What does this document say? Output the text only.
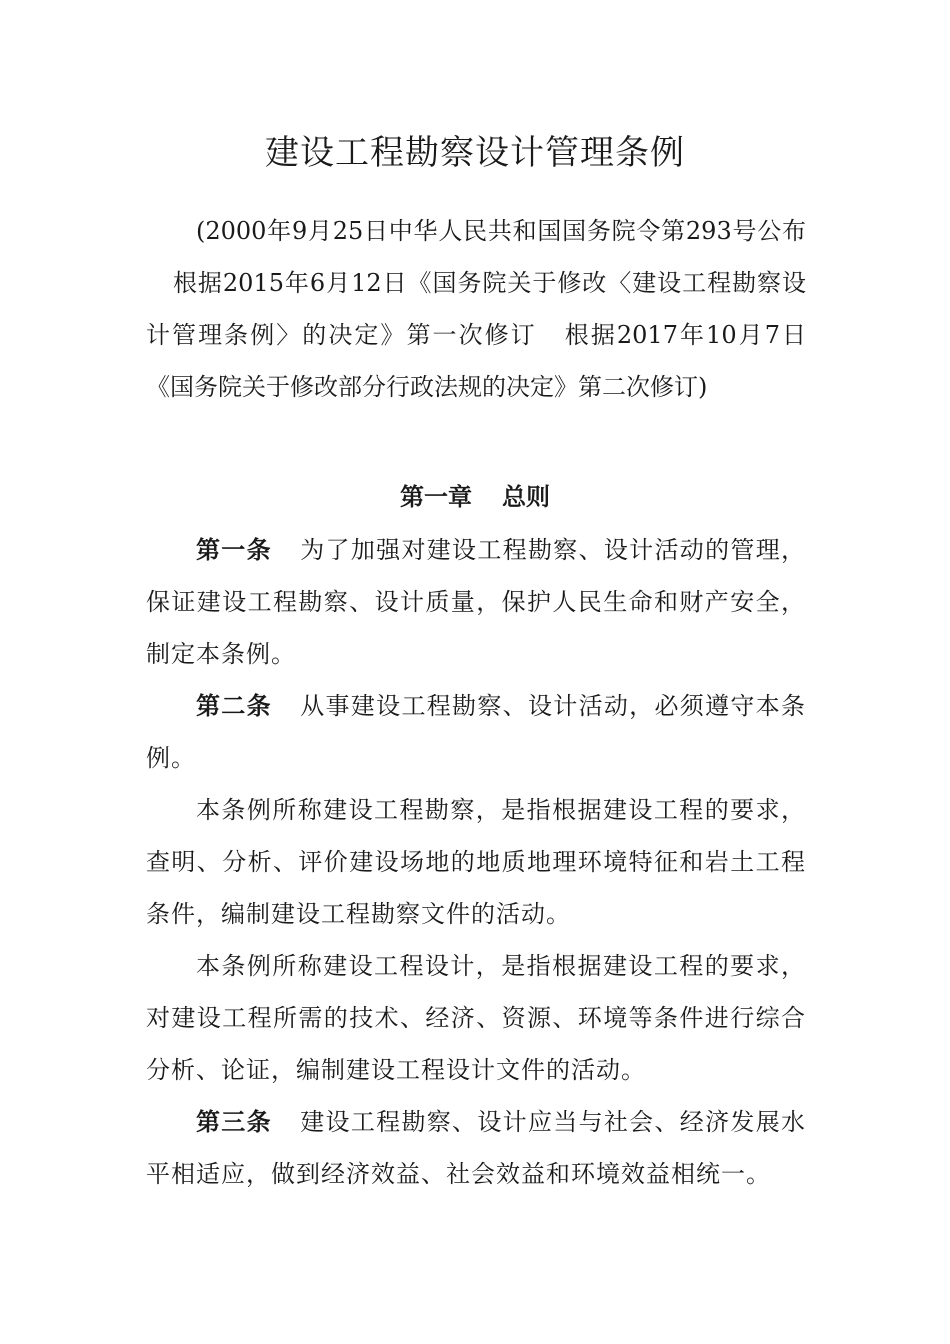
建设工程勘察设计管理条例
(2000年9月25日中华人民共和国国务院令第293号公布根据2015年6月12日《国务院关于修改〈建设工程勘察设计管理条例〉的决定》第一次修订 根据2017年10月7日《国务院关于修改部分行政法规的决定》第二次修订)
第一章 总则

第一条 为了加强对建设工程勘察、设计活动的管理，保证建设工程勘察、设计质量，保护人民生命和财产安全，制定本条例。

第二条 从事建设工程勘察、设计活动，必须遵守本条例。

本条例所称建设工程勘察，是指根据建设工程的要求，查明、分析、评价建设场地的地质地理环境特征和岩土工程条件，编制建设工程勘察文件的活动。

本条例所称建设工程设计，是指根据建设工程的要求，对建设工程所需的技术、经济、资源、环境等条件进行综合分析、论证，编制建设工程设计文件的活动。

第三条 建设工程勘察、设计应当与社会、经济发展水平相适应，做到经济效益、社会效益和环境效益相统一。
